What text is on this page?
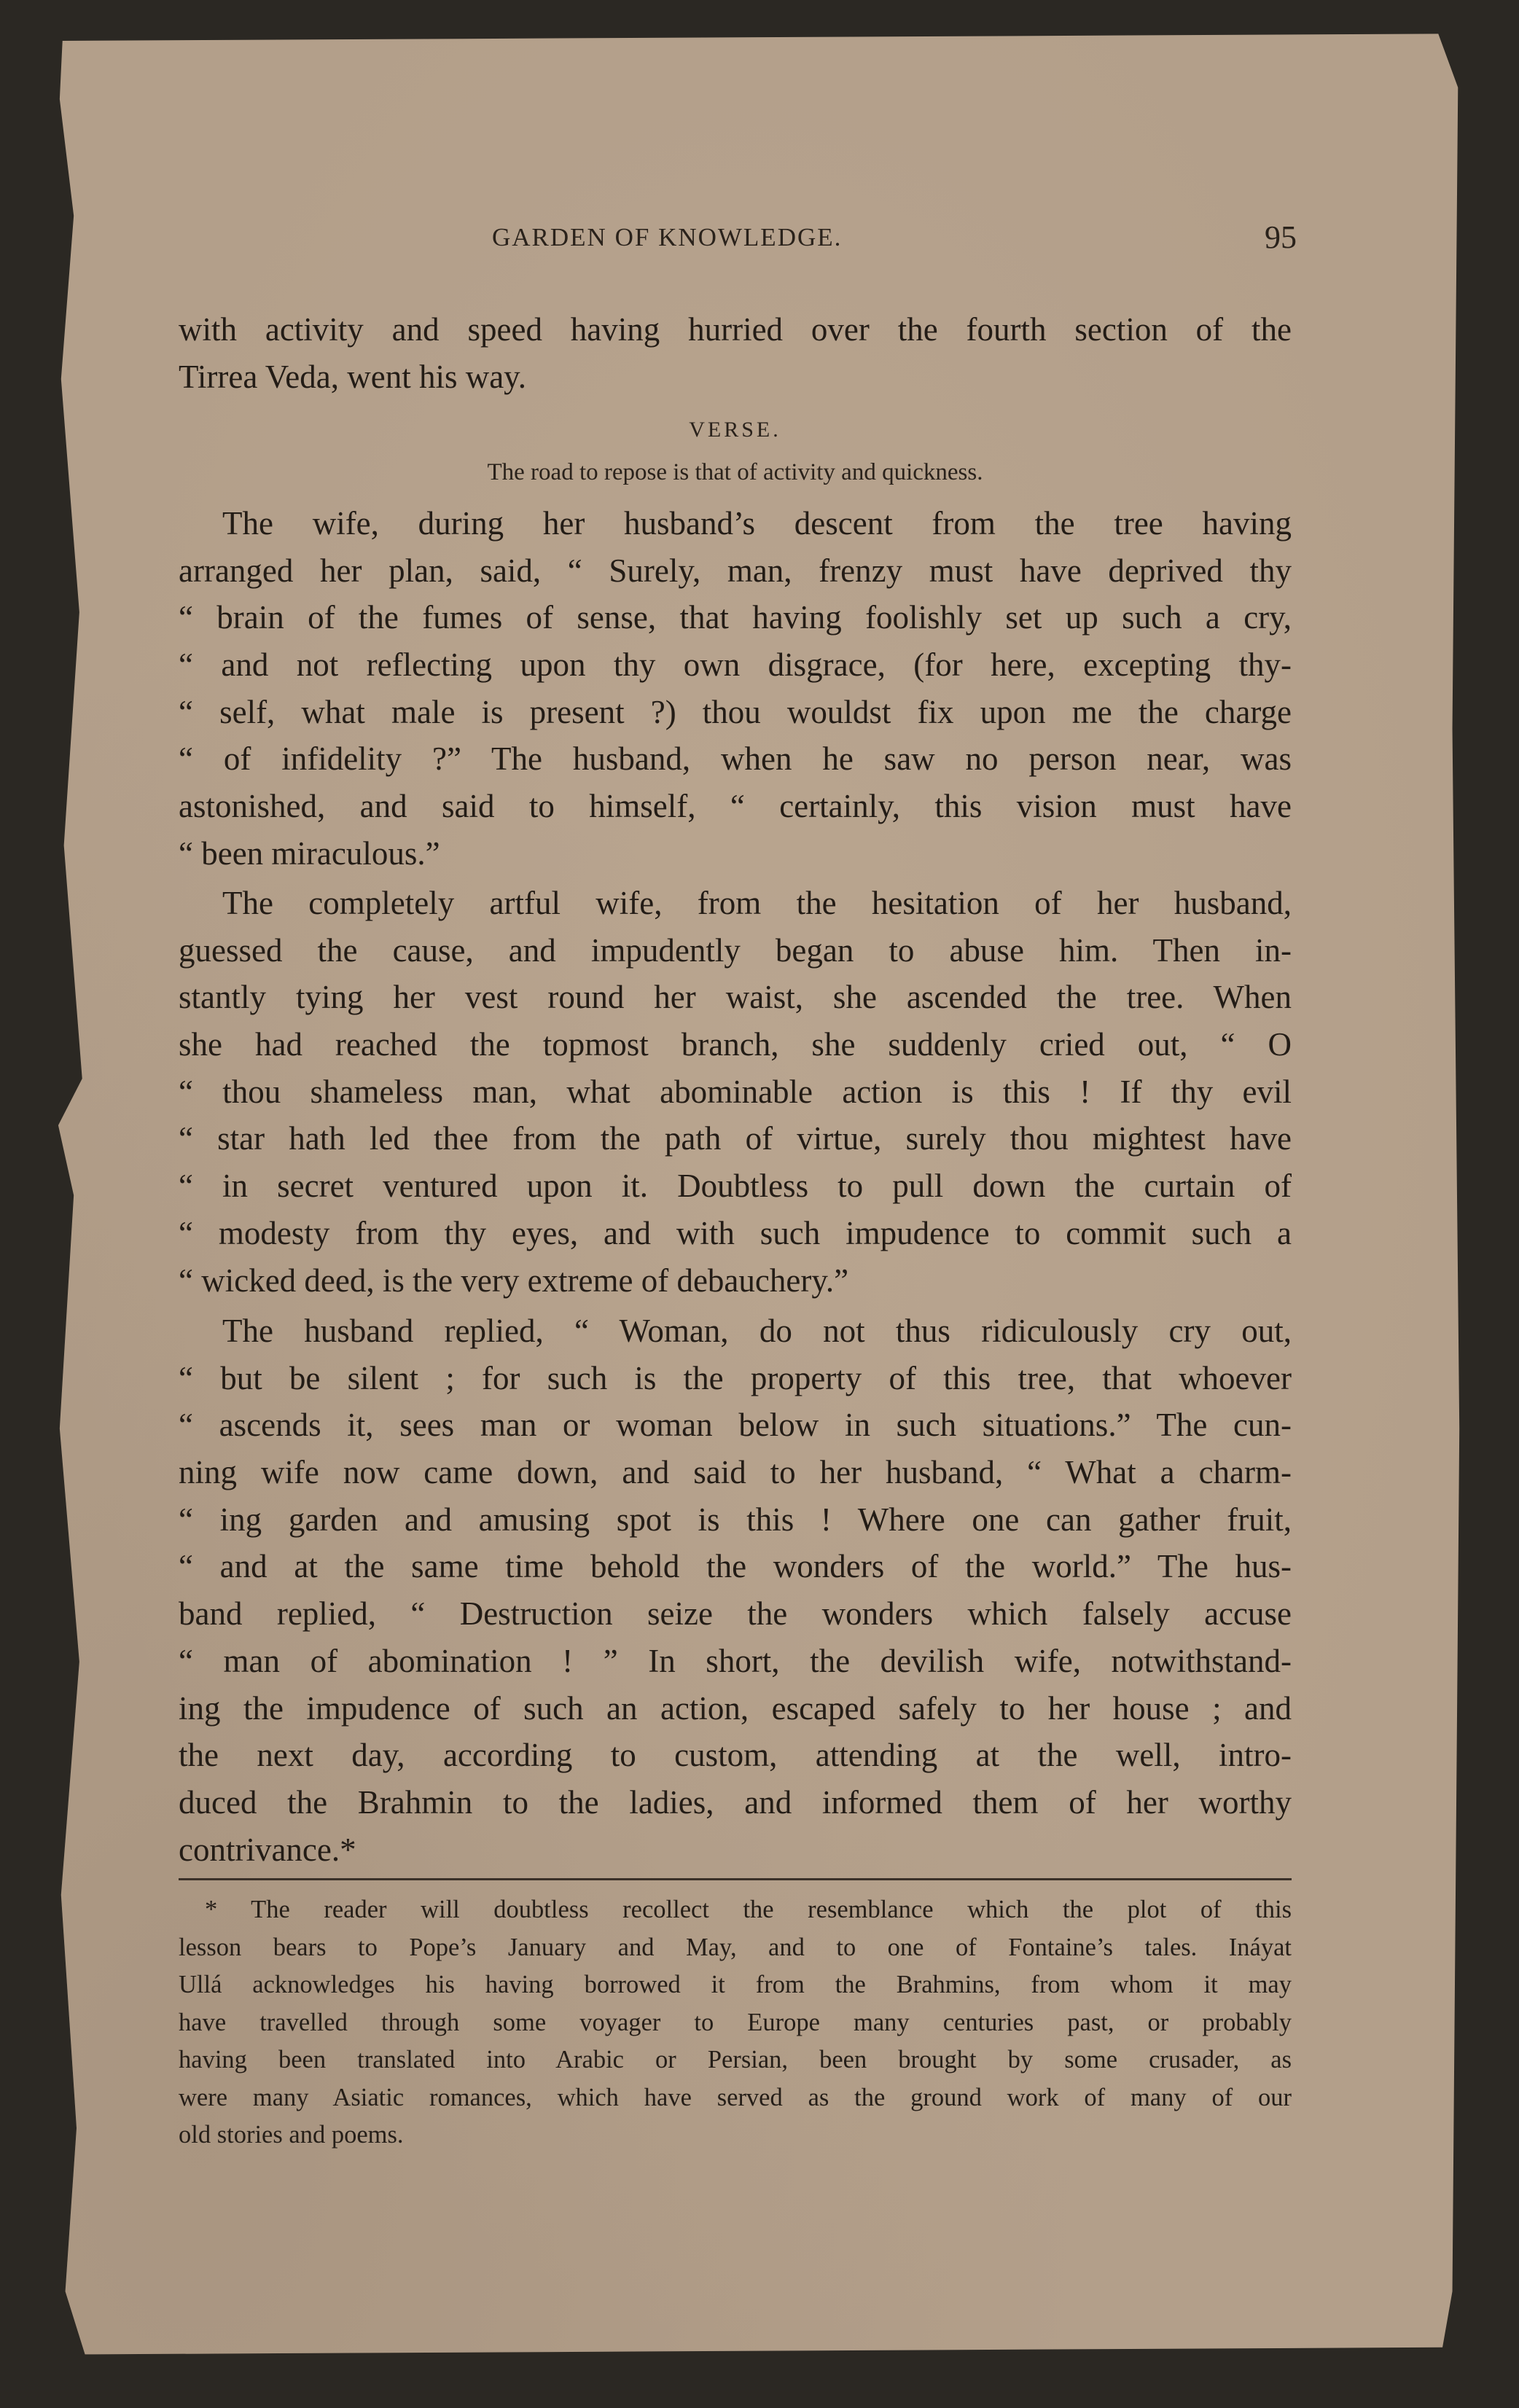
GARDEN OF KNOWLEDGE.	95
with activity and speed having hurried over the fourth section of the
Tirrea Veda, went his way.
VERSE.
The road to repose is that of activity and quickness.
The wife, during her husband’s descent from the tree having
arranged her plan, said, “ Surely, man, frenzy must have deprived thy
“ brain of the fumes of sense, that having foolishly set up such a cry,
“ and not reflecting upon thy own disgrace, (for here, excepting thy-
“ self, what male is present ?) thou wouldst fix upon me the charge
“ of infidelity ?” The husband, when he saw no person near, was
astonished, and said to himself, “ certainly, this vision must have
“ been miraculous.”
The completely artful wife, from the hesitation of her husband,
guessed the cause, and impudently began to abuse him. Then in-
stantly tying her vest round her waist, she ascended the tree. When
she had reached the topmost branch, she suddenly cried out, “ O
“ thou shameless man, what abominable action is this ! If thy evil
“ star hath led thee from the path of virtue, surely thou mightest have
“ in secret ventured upon it. Doubtless to pull down the curtain of
“ modesty from thy eyes, and with such impudence to commit such a
“ wicked deed, is the very extreme of debauchery.”
The husband replied, “ Woman, do not thus ridiculously cry out,
“ but be silent ; for such is the property of this tree, that whoever
“ ascends it, sees man or woman below in such situations.” The cun-
ning wife now came down, and said to her husband, “ What a charm-
“ ing garden and amusing spot is this ! Where one can gather fruit,
“ and at the same time behold the wonders of the world.” The hus-
band replied, “ Destruction seize the wonders which falsely accuse
“ man of abomination ! ” In short, the devilish wife, notwithstand-
ing the impudence of such an action, escaped safely to her house ; and
the next day, according to custom, attending at the well, intro-
duced the Brahmin to the ladies, and informed them of her worthy
contrivance.*
* The reader will doubtless recollect the resemblance which the plot of this
lesson bears to Pope’s January and May, and to one of Fontaine’s tales. Ináyat
Ullá acknowledges his having borrowed it from the Brahmins, from whom it may
have travelled through some voyager to Europe many centuries past, or probably
having been translated into Arabic or Persian, been brought by some crusader, as
were many Asiatic romances, which have served as the ground work of many of our
old stories and poems.
